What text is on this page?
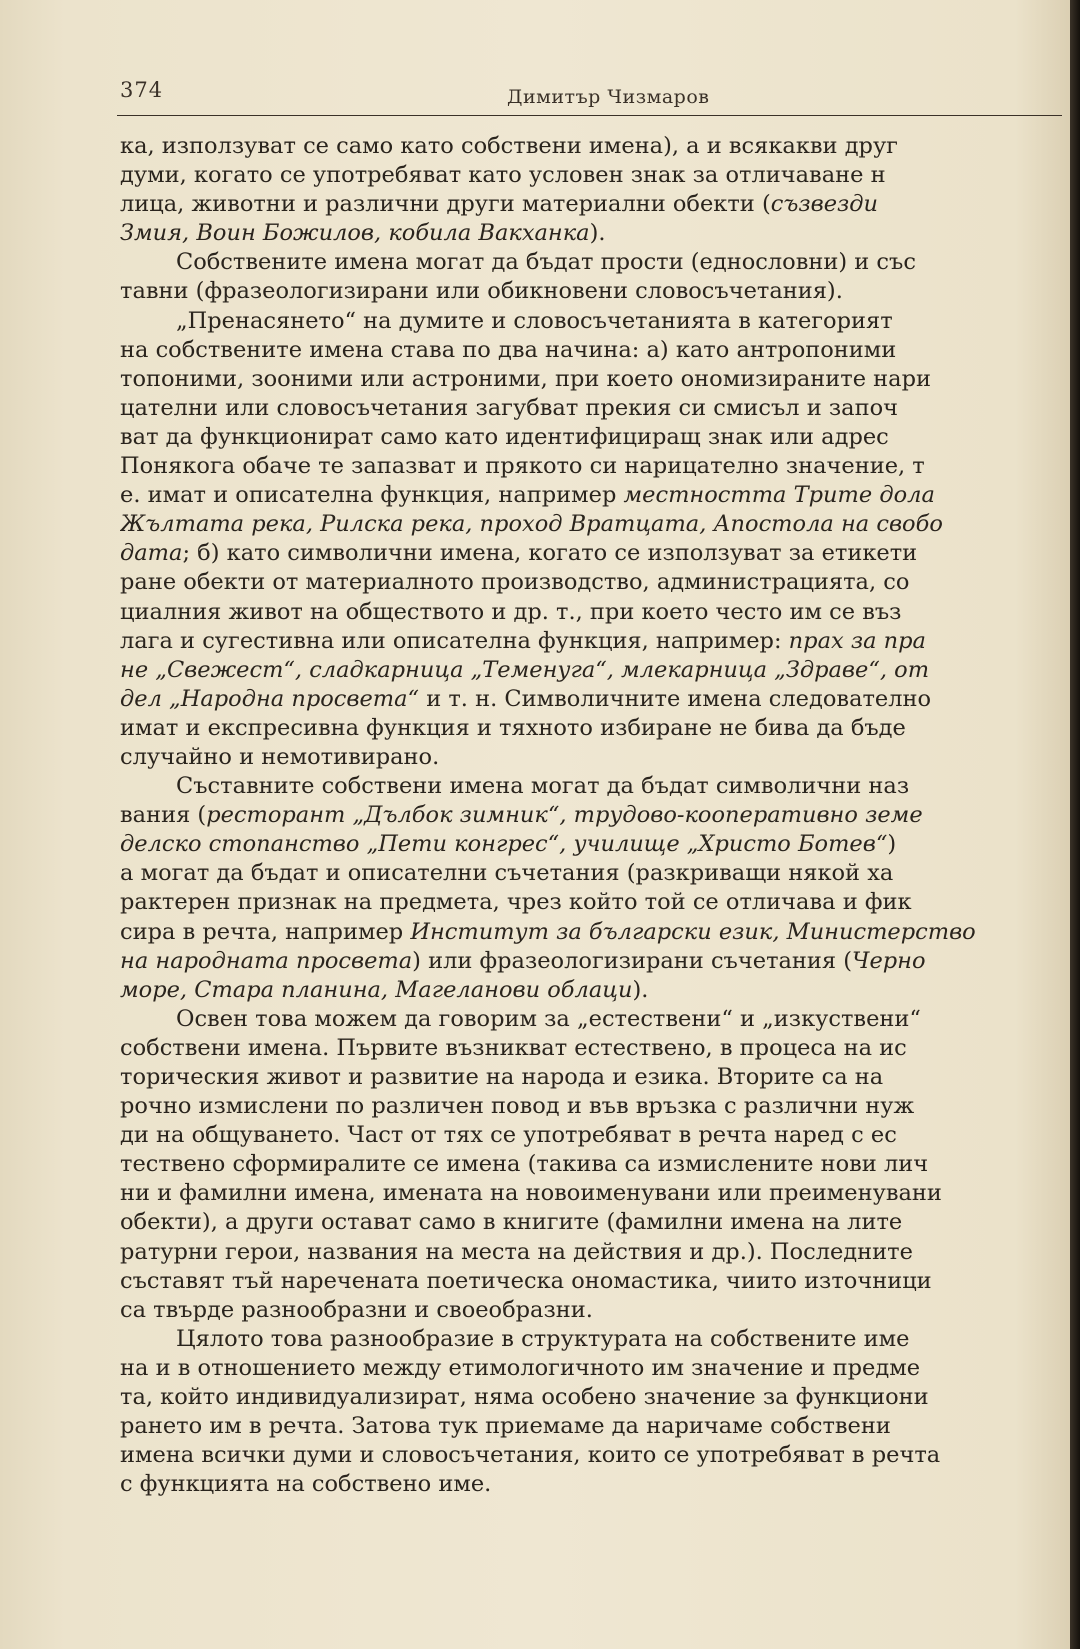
374	Димитър Чизмаров
ка, използуват се само като собствени имена), а и всякакви друг
думи, когато се употребяват като условен знак за отличаване н
лица, животни и различни други материални обекти (съзвезди
Змия, Воин Божилов, кобила Вакханка).
Собствените имена могат да бъдат прости (еднословни) и със
тавни (фразеологизирани или обикновени словосъчетания).
„Пренасянето“ на думите и словосъчетанията в категорият
на собствените имена става по два начина: а) като антропоними
топоними, зооними или астроними, при което ономизираните нари
цателни или словосъчетания загубват прекия си смисъл и започ
ват да функционират само като идентифициращ знак или адрес
Понякога обаче те запазват и прякото си нарицателно значение, т
е. имат и описателна функция, например местността Трите дола
Жълтата река, Рилска река, проход Вратцата, Апостола на свобо
дата; б) като символични имена, когато се използуват за етикети
ране обекти от материалното производство, администрацията, со
циалния живот на обществото и др. т., при което често им се въз
лага и сугестивна или описателна функция, например: прах за пра
не „Свежест“, сладкарница „Теменуга“, млекарница „Здраве“, от
дел „Народна просвета“ и т. н. Символичните имена следователно
имат и експресивна функция и тяхното избиране не бива да бъде
случайно и немотивирано.
Съставните собствени имена могат да бъдат символични наз
вания (ресторант „Дълбок зимник“, трудово-кооперативно земе
делско стопанство „Пети конгрес“, училище „Христо Ботев“)
а могат да бъдат и описателни съчетания (разкриващи някой ха
рактерен признак на предмета, чрез който той се отличава и фик
сира в речта, например Институт за български език, Министерство
на народната просвета) или фразеологизирани съчетания (Черно
море, Стара планина, Магеланови облаци).
Освен това можем да говорим за „естествени“ и „изкуствени“
собствени имена. Първите възникват естествено, в процеса на ис
торическия живот и развитие на народа и езика. Вторите са на
рочно измислени по различен повод и във връзка с различни нуж
ди на общуването. Част от тях се употребяват в речта наред с ес
тествено сформиралите се имена (такива са измислените нови лич
ни и фамилни имена, имената на новоименувани или преименувани
обекти), а други остават само в книгите (фамилни имена на лите
ратурни герои, названия на места на действия и др.). Последните
съставят тъй наречената поетическа ономастика, чиито източници
са твърде разнообразни и своеобразни.
Цялото това разнообразие в структурата на собствените име
на и в отношението между етимологичното им значение и предме
та, който индивидуализират, няма особено значение за функциони
рането им в речта. Затова тук приемаме да наричаме собствени
имена всички думи и словосъчетания, които се употребяват в речта
с функцията на собствено име.
